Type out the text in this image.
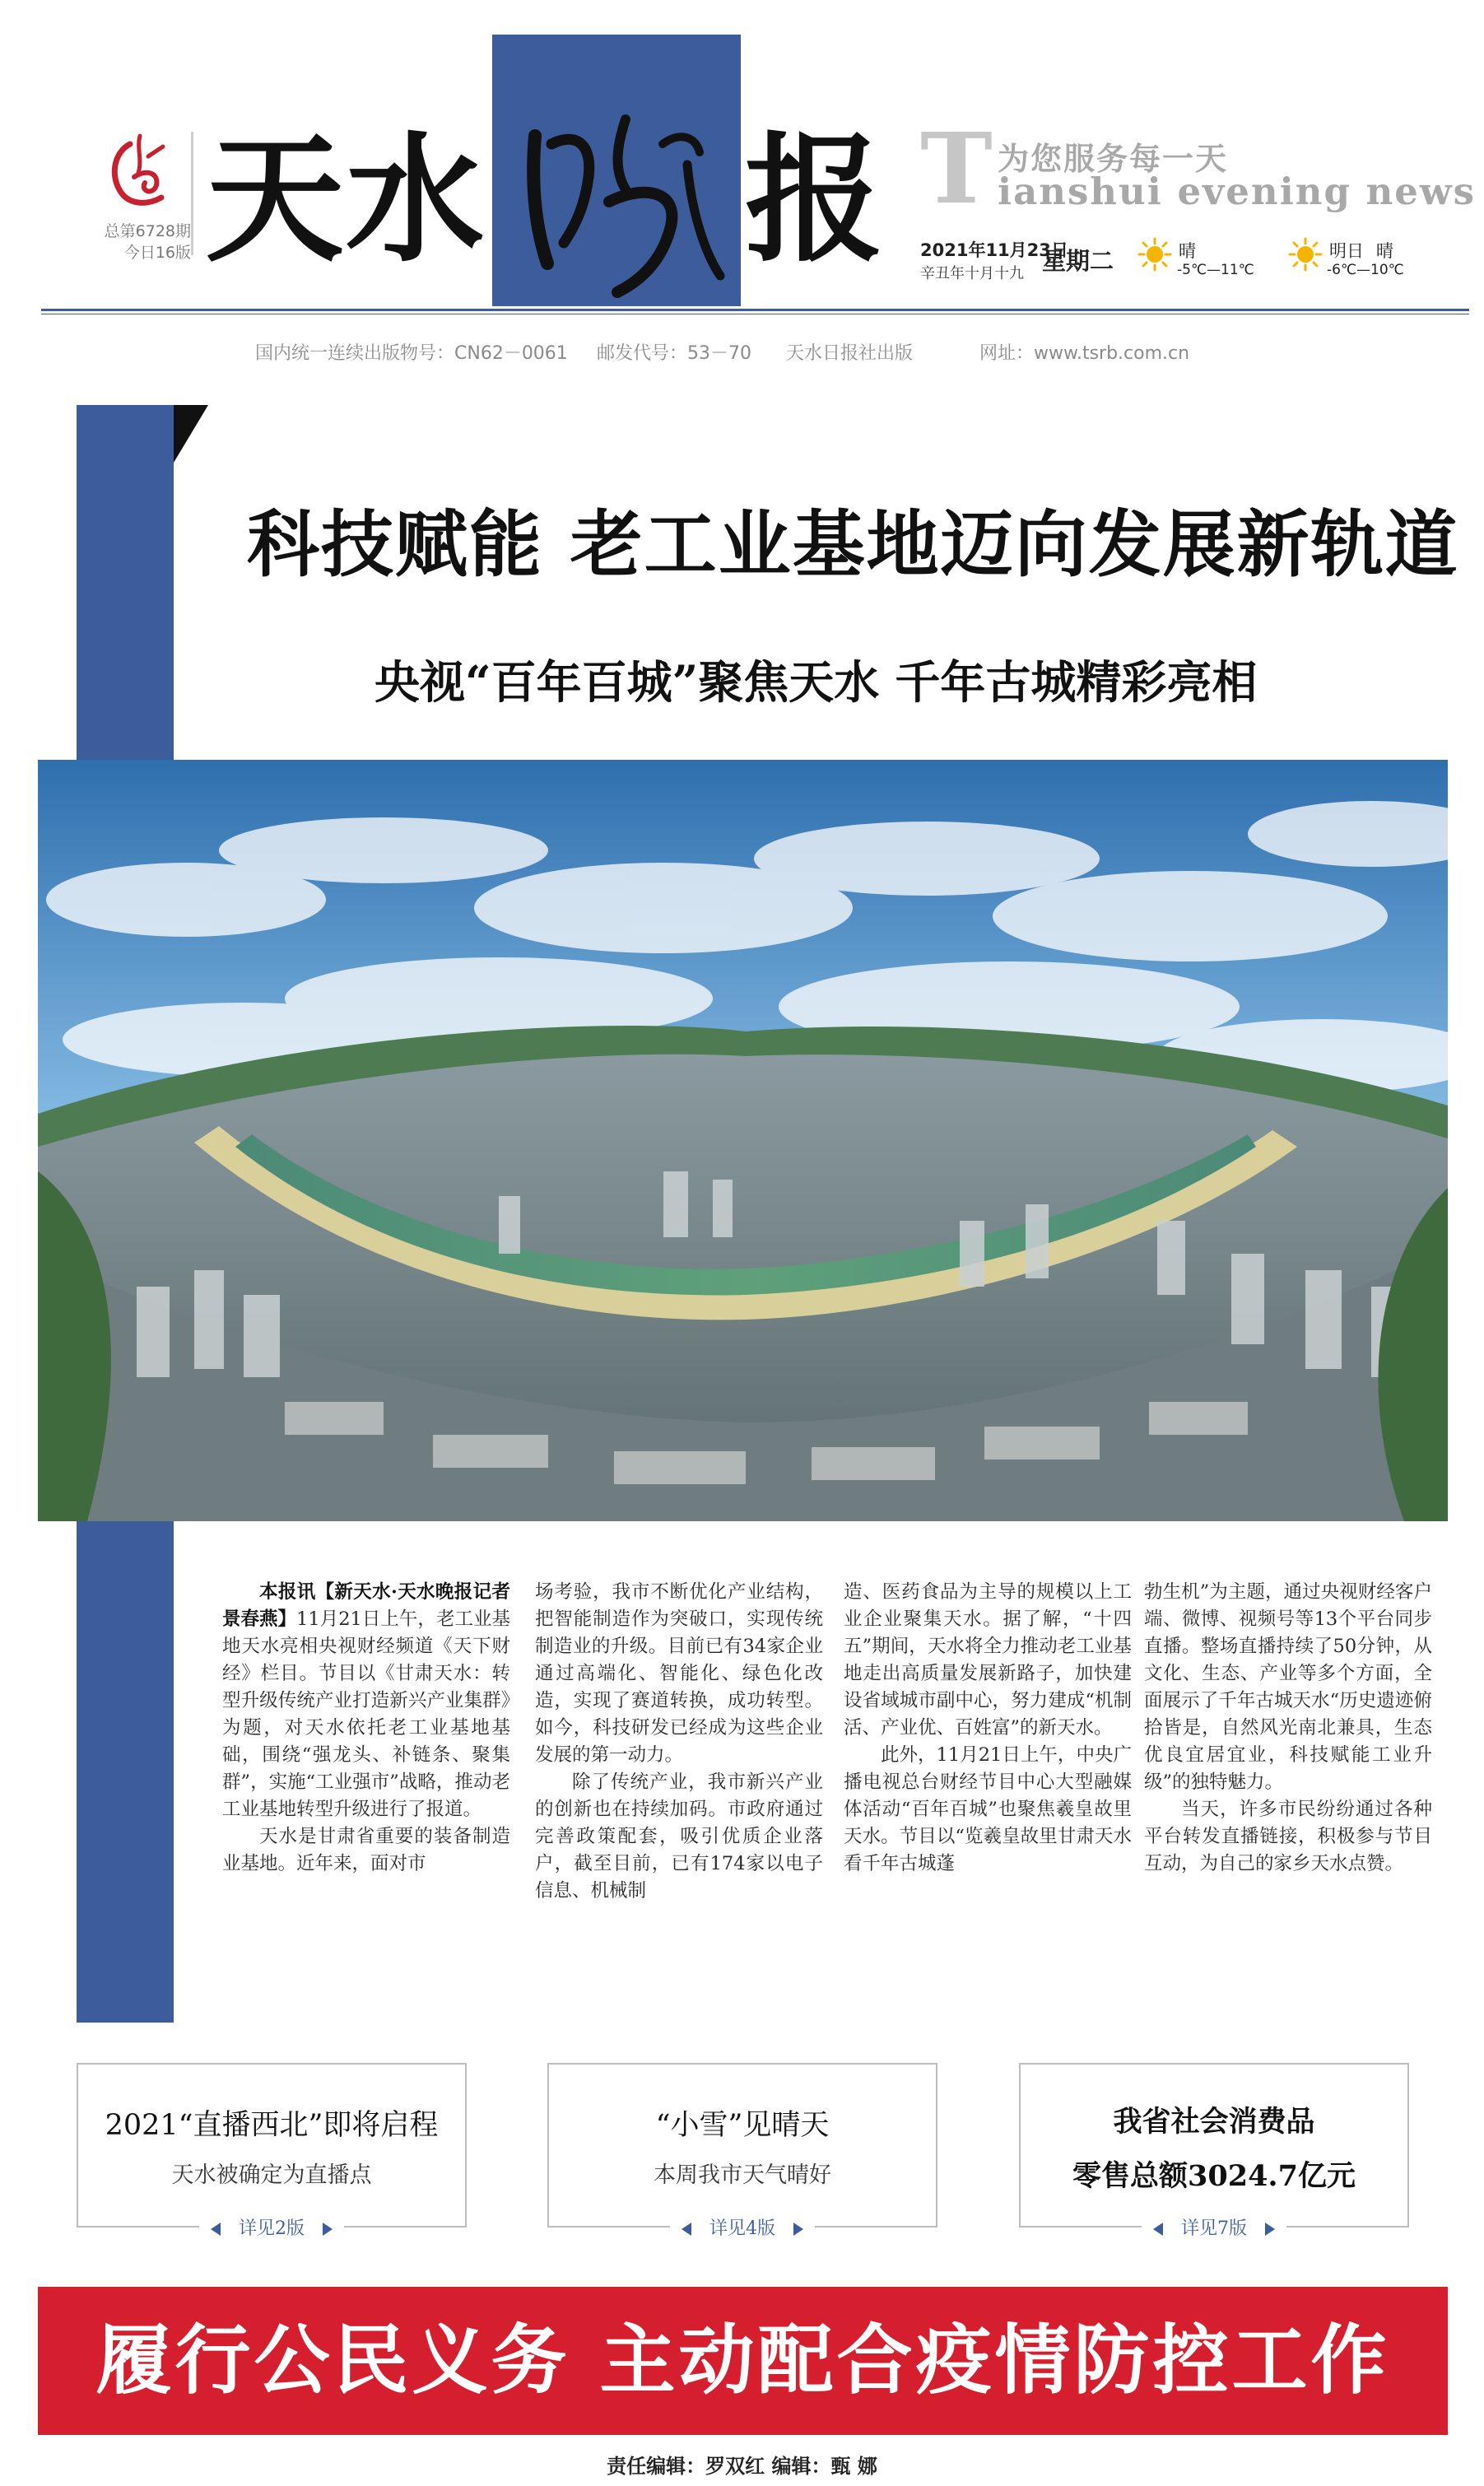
总第6728期
今日16版 天 水 报 T 为您服务每一天
ianshui evening news
2021年11月23日
辛丑年十月十九 星期二	晴
-5℃—11℃
明日 晴
-6℃—10℃
国内统一连续出版物号：CN62－0061 邮发代号：53－70 天水日报社出版	网址：www.tsrb.com.cn
科技赋能 老工业基地迈向发展新轨道
央视“百年百城”聚焦天水 千年古城精彩亮相

本报讯【新天水·天水晚报记者景春燕】11月21日上午，老工业基地天水亮相央视财经频道《天下财经》栏目。节目以《甘肃天水：转型升级传统产业打造新兴产业集群》为题，对天水依托老工业基地基础，围绕“强龙头、补链条、聚集群”，实施“工业强市”战略，推动老工业基地转型升级进行了报道。

天水是甘肃省重要的装备制造业基地。近年来，面对市

场考验，我市不断优化产业结构，把智能制造作为突破口，实现传统制造业的升级。目前已有34家企业通过高端化、智能化、绿色化改造，实现了赛道转换，成功转型。如今，科技研发已经成为这些企业发展的第一动力。

除了传统产业，我市新兴产业的创新也在持续加码。市政府通过完善政策配套，吸引优质企业落户，截至目前，已有174家以电子信息、机械制

造、医药食品为主导的规模以上工业企业聚集天水。据了解，“十四五”期间，天水将全力推动老工业基地走出高质量发展新路子，加快建设省域城市副中心，努力建成“机制活、产业优、百姓富”的新天水。

此外，11月21日上午，中央广播电视总台财经节目中心大型融媒体活动“百年百城”也聚焦羲皇故里天水。节目以“览羲皇故里甘肃天水看千年古城蓬

勃生机”为主题，通过央视财经客户端、微博、视频号等13个平台同步直播。整场直播持续了50分钟，从文化、生态、产业等多个方面，全面展示了千年古城天水“历史遗迹俯拾皆是，自然风光南北兼具，生态优良宜居宜业，科技赋能工业升级”的独特魅力。

当天，许多市民纷纷通过各种平台转发直播链接，积极参与节目互动，为自己的家乡天水点赞。

2021“直播西北”即将启程
天水被确定为直播点
详见2版
“小雪”见晴天
本周我市天气晴好
详见4版
我省社会消费品
零售总额3024.7亿元
详见7版
履行公民义务 主动配合疫情防控工作
责任编辑：罗双红 编辑：甄 娜
